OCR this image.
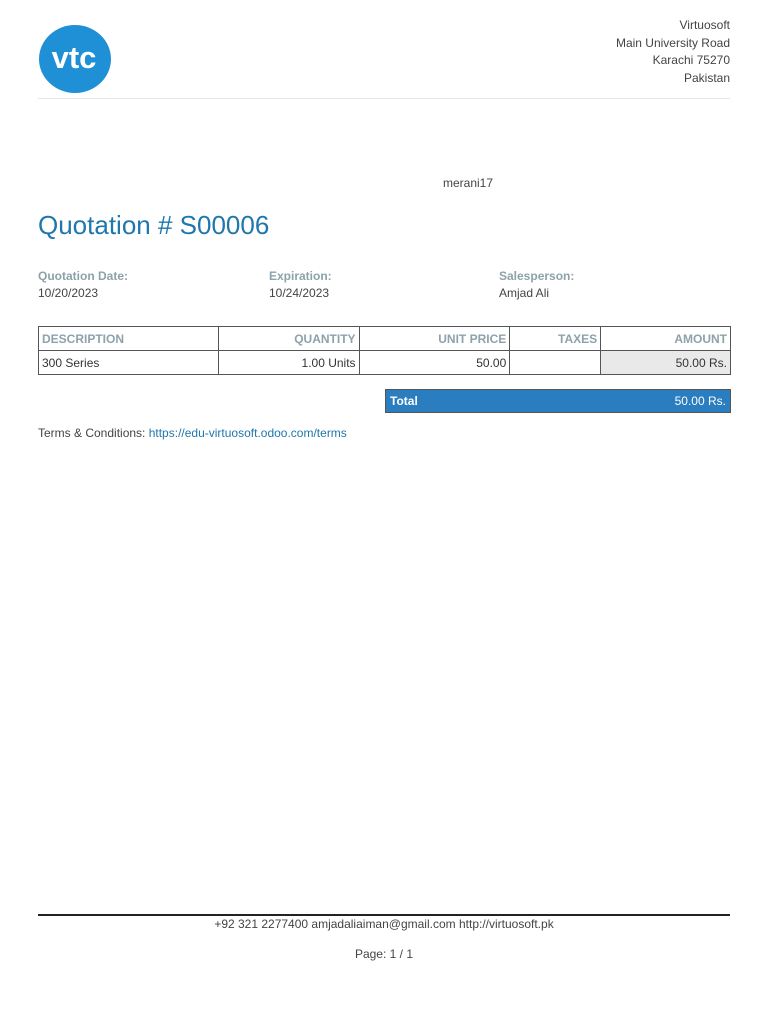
vtc
Virtuosoft
Main University Road
Karachi 75270
Pakistan
merani17
Quotation # S00006
Quotation Date:
10/20/2023
Expiration:
10/24/2023
Salesperson:
Amjad Ali
DESCRIPTION	QUANTITY	UNIT PRICE	TAXES	AMOUNT
300 Series	1.00 Units	50.00		50.00 Rs.
Total	50.00 Rs.
Terms & Conditions: https://edu-virtuosoft.odoo.com/terms
+92 321 2277400 amjadaliaiman@gmail.com http://virtuosoft.pk
Page: 1 / 1
